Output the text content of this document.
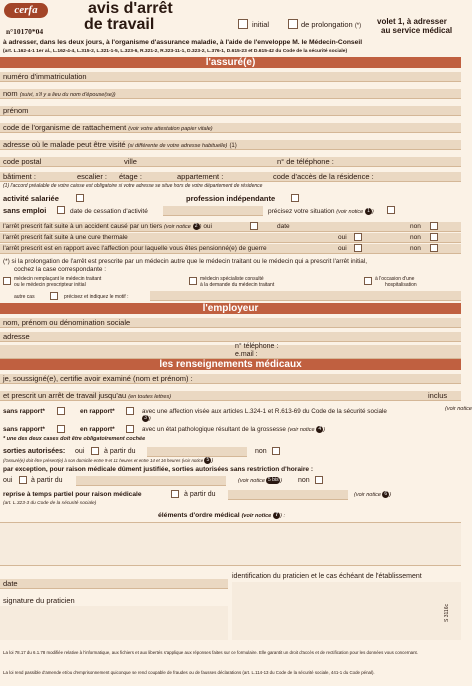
cerfa
n°10170*04
avis d'arrêt
de travail	initial	de prolongation (*) volet 1, à adresser
au service médical
à adresser, dans les deux jours, à l'organisme d'assurance maladie, à l'aide de l'enveloppe M. le Médecin-Conseil
(art. L.162-4-1 1er al., L.162-4-4, L.315-2, L.321-1-5, L.323-6, R.321-2, R.323-11-1, D.323-2, L.376-1, D.615-23 et D.615-42 du Code de la sécurité sociale)
l'assuré(e)
numéro d'immatriculation
nom (suivi, s'il y a lieu du nom d'épouse(se))
prénom
code de l'organisme de rattachement (voir votre attestation papier vitale)
adresse où le malade peut être visité (si différente de votre adresse habituelle) (1)
code postal	ville	n° de téléphone :
bâtiment :	escalier : étage :	appartement :	code d'accès de la résidence :
(1) l'accord préalable de votre caisse est obligatoire si votre adresse se situe hors de votre département de résidence
activité salariée	profession indépendante
sans emploi	date de cessation d'activité	précisez votre situation (voir notice 1 )
l'arrêt prescrit fait suite à un accident causé par un tiers (voir notice 2 ) oui	date	non
l'arrêt prescrit fait suite à une cure thermale	oui	non
l'arrêt prescrit est en rapport avec l'affection pour laquelle vous êtes pensionné(e) de guerre	oui	non
(*) si la prolongation de l'arrêt est prescrite par un médecin autre que le médecin traitant ou le médecin qui a prescrit l'arrêt initial,
cochez la case correspondante :
médecin remplaçant le médecin traitant
ou le médecin prescripteur initial
médecin spécialiste consulté
à la demande du médecin traitant
à l'occasion d'une
hospitalisation
autre cas	précisez et indiquez le motif :
l'employeur
nom, prénom ou dénomination sociale
adresse
n° téléphone :
e.mail :
les renseignements médicaux
je, soussigné(e), certifie avoir examiné (nom et prénom) :
et prescrit un arrêt de travail jusqu'au (en toutes lettres)	inclus
sans rapport*	en rapport*	avec une affection visée aux articles L.324-1 et R.613-69 du Code de la sécurité sociale	(voir notice
3 )
sans rapport*	en rapport*	avec un état pathologique résultant de la grossesse (voir notice 4 )
* une des deux cases doit être obligatoirement cochée
sorties autorisées: oui	à partir du	non
(l'assuré(e) doit être présent(e) à son domicile entre 9 et 11 heures et entre 14 et 16 heures (voir notice 5 )
par exception, pour raison médicale dûment justifiée, sorties autorisées sans restriction d'horaire :
oui	à partir du	(voir notice 5 bis ) non
reprise à temps partiel pour raison médicale	à partir du	(voir notice 6 )
(art. L.323-3 du Code de la sécurité sociale)
éléments d'ordre médical (voir notice 7 ) :
identification du praticien et le cas échéant de l'établissement
date
signature du praticien
La loi 78.17 du 6.1.78 modifiée relative à l'informatique, aux fichiers et aux libertés s'applique aux réponses faites sur ce formulaire. Elle garantit un droit d'accès et de rectification pour les données vous concernant.
La loi rend passible d'amende et/ou d'emprisonnement quiconque se rend coupable de fraudes ou de fausses déclarations (art. L.114-13 du Code de la sécurité sociale, 441-1 du Code pénal).
S 3116c
